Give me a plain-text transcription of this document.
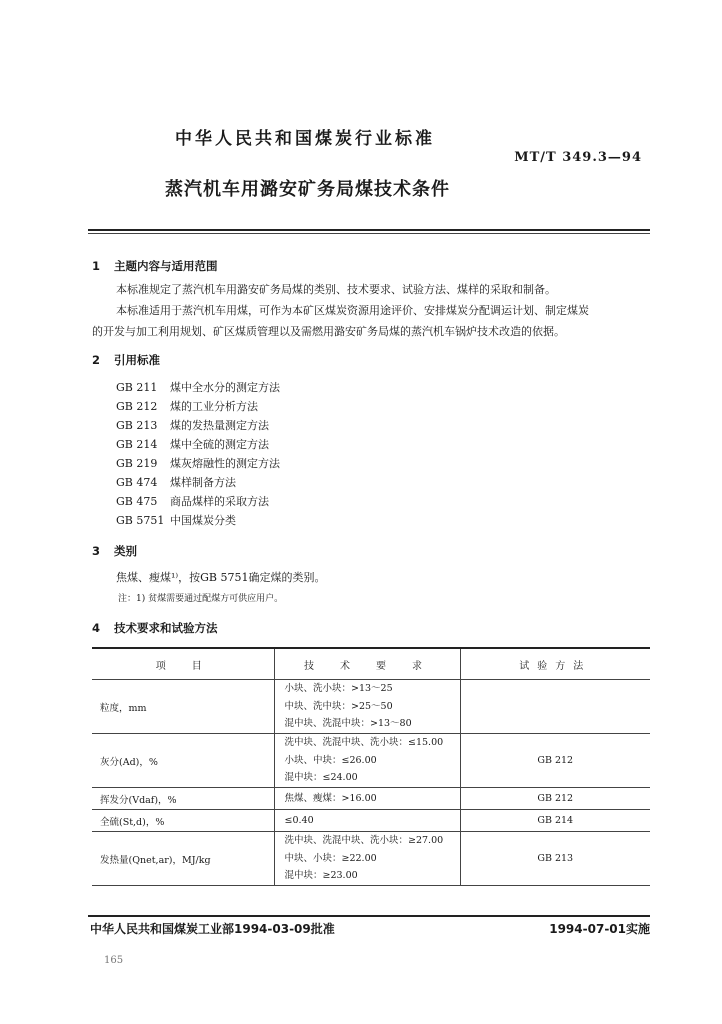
中华人民共和国煤炭行业标准
MT/T 349.3—94
蒸汽机车用潞安矿务局煤技术条件
1 主题内容与适用范围
本标准规定了蒸汽机车用潞安矿务局煤的类别、技术要求、试验方法、煤样的采取和制备。
本标准适用于蒸汽机车用煤，可作为本矿区煤炭资源用途评价、安排煤炭分配调运计划、制定煤炭
的开发与加工利用规划、矿区煤质管理以及需燃用潞安矿务局煤的蒸汽机车锅炉技术改造的依据。
2 引用标准
GB 211 煤中全水分的测定方法
GB 212 煤的工业分析方法
GB 213 煤的发热量测定方法
GB 214 煤中全硫的测定方法
GB 219 煤灰熔融性的测定方法
GB 474 煤样制备方法
GB 475 商品煤样的采取方法
GB 5751 中国煤炭分类
3 类别
焦煤、瘦煤¹⁾，按GB 5751确定煤的类别。
注：1) 贫煤需要通过配煤方可供应用户。
4 技术要求和试验方法
项　目	技　术　要　求	试验方法
粒度，mm	小块、洗小块：>13～25
中块、洗中块：>25～50
混中块、洗混中块：>13～80	

灰分(Ad)，%	洗中块、洗混中块、洗小块：≤15.00
小块、中块：≤26.00
混中块：≤24.00	GB 212
挥发分(Vdaf)，%	焦煤、瘦煤：>16.00	GB 212
全硫(St,d)，%	≤0.40	GB 214
发热量(Qnet,ar)，MJ/kg	洗中块、洗混中块、洗小块：≥27.00
中块、小块：≥22.00
混中块：≥23.00	GB 213
中华人民共和国煤炭工业部1994-03-09批准	1994-07-01实施
165
